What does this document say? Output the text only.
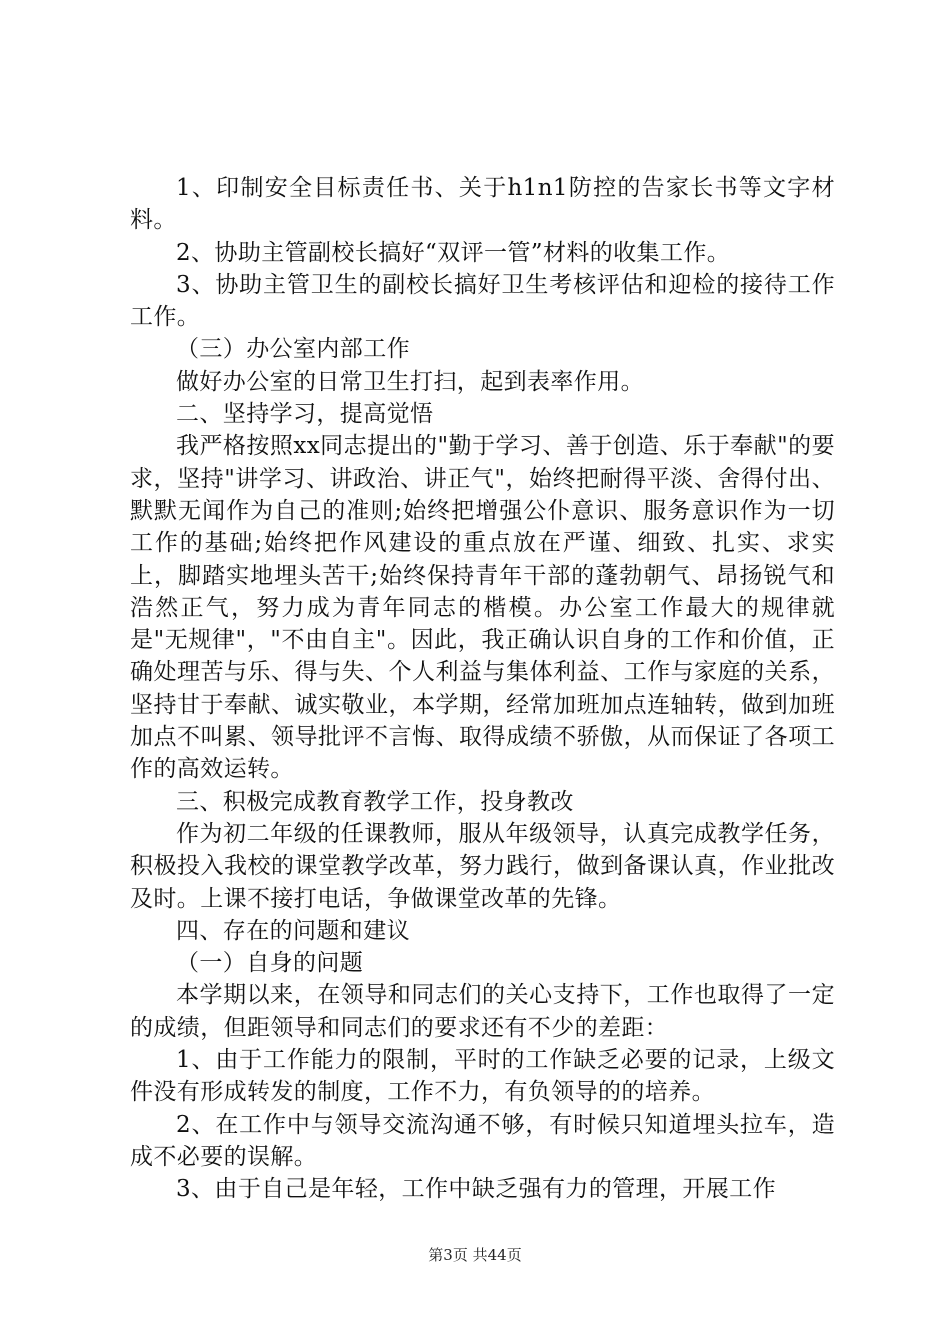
1、印制安全目标责任书、关于h1n1防控的告家长书等文字材料。

2、协助主管副校长搞好“双评一管”材料的收集工作。

3、协助主管卫生的副校长搞好卫生考核评估和迎检的接待工作工作。

（三）办公室内部工作

做好办公室的日常卫生打扫，起到表率作用。

二、坚持学习，提高觉悟

我严格按照xx同志提出的"勤于学习、善于创造、乐于奉献"的要求，坚持"讲学习、讲政治、讲正气"，始终把耐得平淡、舍得付出、默默无闻作为自己的准则;始终把增强公仆意识、服务意识作为一切工作的基础;始终把作风建设的重点放在严谨、细致、扎实、求实上，脚踏实地埋头苦干;始终保持青年干部的蓬勃朝气、昂扬锐气和浩然正气，努力成为青年同志的楷模。办公室工作最大的规律就是"无规律"，"不由自主"。因此，我正确认识自身的工作和价值，正确处理苦与乐、得与失、个人利益与集体利益、工作与家庭的关系，坚持甘于奉献、诚实敬业，本学期，经常加班加点连轴转，做到加班加点不叫累、领导批评不言悔、取得成绩不骄傲，从而保证了各项工作的高效运转。

三、积极完成教育教学工作，投身教改

作为初二年级的任课教师，服从年级领导，认真完成教学任务，积极投入我校的课堂教学改革，努力践行，做到备课认真，作业批改及时。上课不接打电话，争做课堂改革的先锋。

四、存在的问题和建议

（一）自身的问题

本学期以来，在领导和同志们的关心支持下，工作也取得了一定的成绩，但距领导和同志们的要求还有不少的差距：

1、由于工作能力的限制，平时的工作缺乏必要的记录，上级文件没有形成转发的制度，工作不力，有负领导的的培养。

2、在工作中与领导交流沟通不够，有时候只知道埋头拉车，造成不必要的误解。

3、由于自己是年轻，工作中缺乏强有力的管理，开展工作

第3页 共44页
